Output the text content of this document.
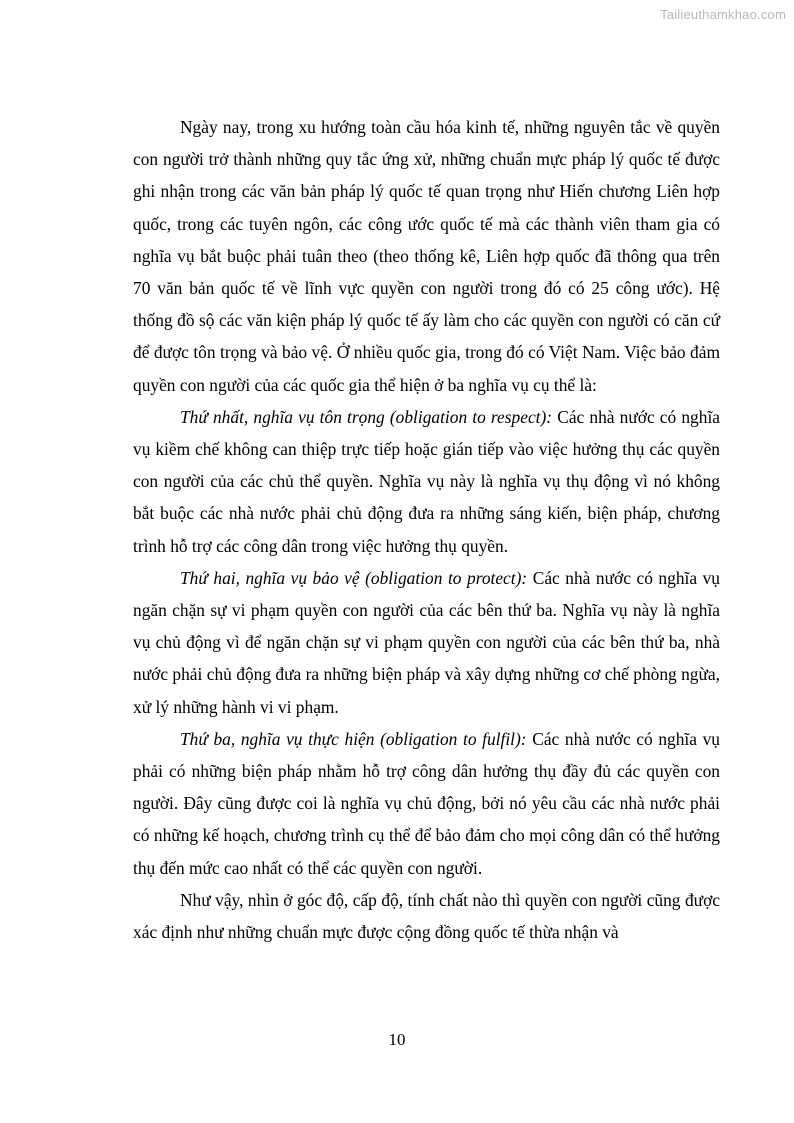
Tailieuthamkhao.com

Ngày nay, trong xu hướng toàn cầu hóa kinh tế, những nguyên tắc về quyền con người trở thành những quy tắc ứng xử, những chuẩn mực pháp lý quốc tế được ghi nhận trong các văn bản pháp lý quốc tế quan trọng như Hiến chương Liên hợp quốc, trong các tuyên ngôn, các công ước quốc tế mà các thành viên tham gia có nghĩa vụ bắt buộc phải tuân theo (theo thống kê, Liên hợp quốc đã thông qua trên 70 văn bản quốc tế về lĩnh vực quyền con người trong đó có 25 công ước). Hệ thống đồ sộ các văn kiện pháp lý quốc tế ấy làm cho các quyền con người có căn cứ để được tôn trọng và bảo vệ. Ở nhiều quốc gia, trong đó có Việt Nam. Việc bảo đảm quyền con người của các quốc gia thể hiện ở ba nghĩa vụ cụ thể là:

Thứ nhất, nghĩa vụ tôn trọng (obligation to respect): Các nhà nước có nghĩa vụ kiềm chế không can thiệp trực tiếp hoặc gián tiếp vào việc hưởng thụ các quyền con người của các chủ thể quyền. Nghĩa vụ này là nghĩa vụ thụ động vì nó không bắt buộc các nhà nước phải chủ động đưa ra những sáng kiến, biện pháp, chương trình hỗ trợ các công dân trong việc hưởng thụ quyền.

Thứ hai, nghĩa vụ bảo vệ (obligation to protect): Các nhà nước có nghĩa vụ ngăn chặn sự vi phạm quyền con người của các bên thứ ba. Nghĩa vụ này là nghĩa vụ chủ động vì để ngăn chặn sự vi phạm quyền con người của các bên thứ ba, nhà nước phải chủ động đưa ra những biện pháp và xây dựng những cơ chế phòng ngừa, xử lý những hành vi vi phạm.

Thứ ba, nghĩa vụ thực hiện (obligation to fulfil): Các nhà nước có nghĩa vụ phải có những biện pháp nhằm hỗ trợ công dân hưởng thụ đầy đủ các quyền con người. Đây cũng được coi là nghĩa vụ chủ động, bởi nó yêu cầu các nhà nước phải có những kế hoạch, chương trình cụ thể để bảo đảm cho mọi công dân có thể hưởng thụ đến mức cao nhất có thể các quyền con người.

Như vậy, nhìn ở góc độ, cấp độ, tính chất nào thì quyền con người cũng được xác định như những chuẩn mực được cộng đồng quốc tế thừa nhận và

10
